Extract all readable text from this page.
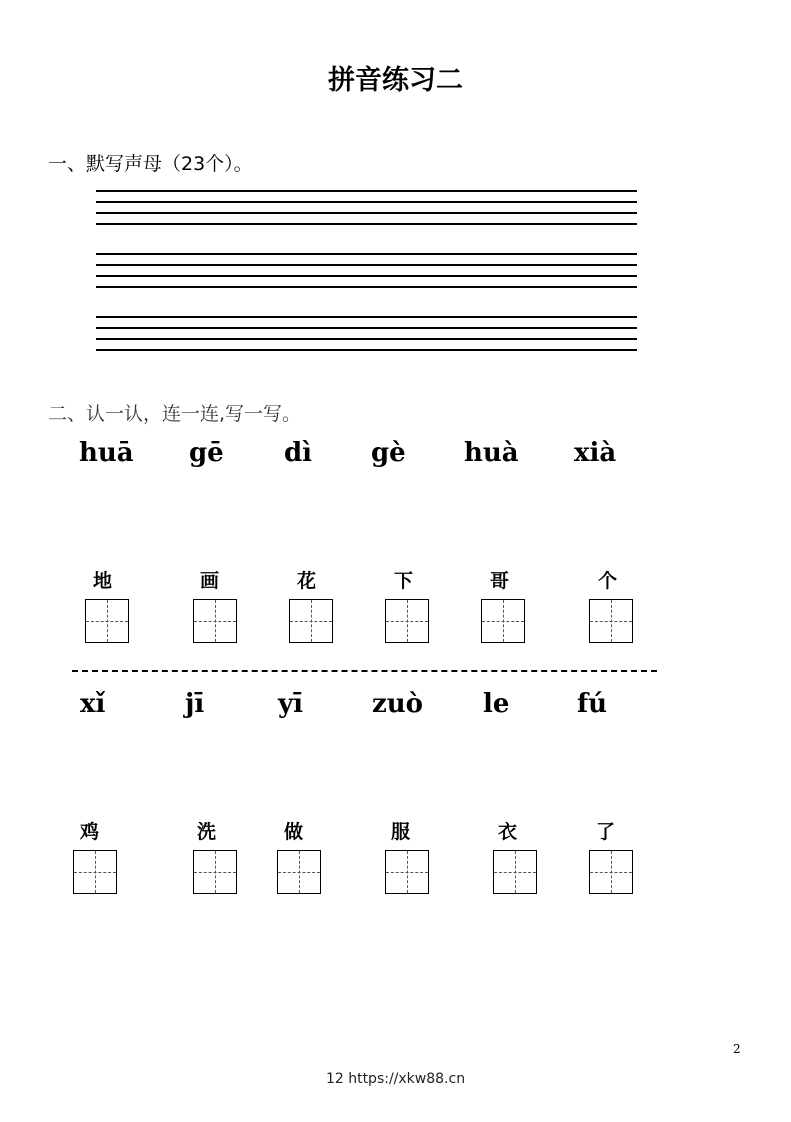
拼音练习二
一、默写声母（23个）。
二、认一认，连一连,写一写。
huā gē dì gè huà xià
地	画	花	下	哥	个
xǐ	jī	yī	zuò le	fú
鸡	洗	做	服	衣	了
2
12 https://xkw88.cn
